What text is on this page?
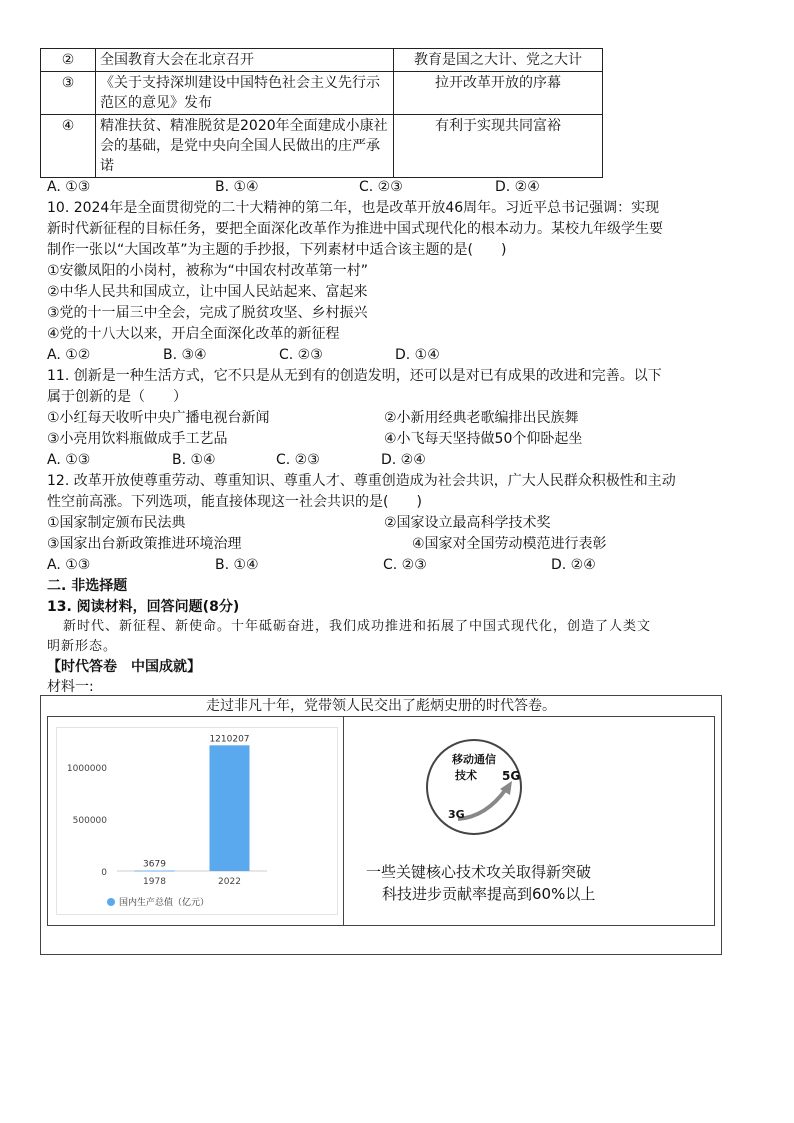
②	全国教育大会在北京召开	教育是国之大计、党之大计
③	《关于支持深圳建设中国特色社会主义先行示范区的意见》发布	拉开改革开放的序幕
④	精准扶贫、精准脱贫是2020年全面建成小康社会的基础，是党中央向全国人民做出的庄严承诺	有利于实现共同富裕
A. ①③	B. ①④	C. ②③	D. ②④
10. 2024年是全面贯彻党的二十大精神的第二年，也是改革开放46周年。习近平总书记强调：实现
新时代新征程的目标任务，要把全面深化改革作为推进中国式现代化的根本动力。某校九年级学生要
制作一张以“大国改革”为主题的手抄报，下列素材中适合该主题的是(　　)
①安徽凤阳的小岗村，被称为“中国农村改革第一村”
②中华人民共和国成立，让中国人民站起来、富起来
③党的十一届三中全会，完成了脱贫攻坚、乡村振兴
④党的十八大以来，开启全面深化改革的新征程
A. ①②	B. ③④	C. ②③	D. ①④
11. 创新是一种生活方式，它不只是从无到有的创造发明，还可以是对已有成果的改进和完善。以下
属于创新的是（　　）
①小红每天收听中央广播电视台新闻	②小新用经典老歌编排出民族舞
③小亮用饮料瓶做成手工艺品	④小飞每天坚持做50个仰卧起坐
A. ①③	B. ①④	C. ②③	D. ②④
12. 改革开放使尊重劳动、尊重知识、尊重人才、尊重创造成为社会共识，广大人民群众积极性和主动
性空前高涨。下列选项，能直接体现这一社会共识的是(　　)
①国家制定颁布民法典	②国家设立最高科学技术奖
③国家出台新政策推进环境治理	④国家对全国劳动模范进行表彰
A. ①③	B. ①④	C. ②③	D. ②④
二. 非选择题
13. 阅读材料，回答问题(8分)
新时代、新征程、新使命。十年砥砺奋进，我们成功推进和拓展了中国式现代化，创造了人类文
明新形态。
【时代答卷　中国成就】
材料一:
走过非凡十年，党带领人民交出了彪炳史册的时代答卷。
0
500000
1000000
3679
1978
1210207
2022
国内生产总值（亿元）
移动通信
技术	5G
3G
一些关键核心技术攻关取得新突破
科技进步贡献率提高到60%以上
